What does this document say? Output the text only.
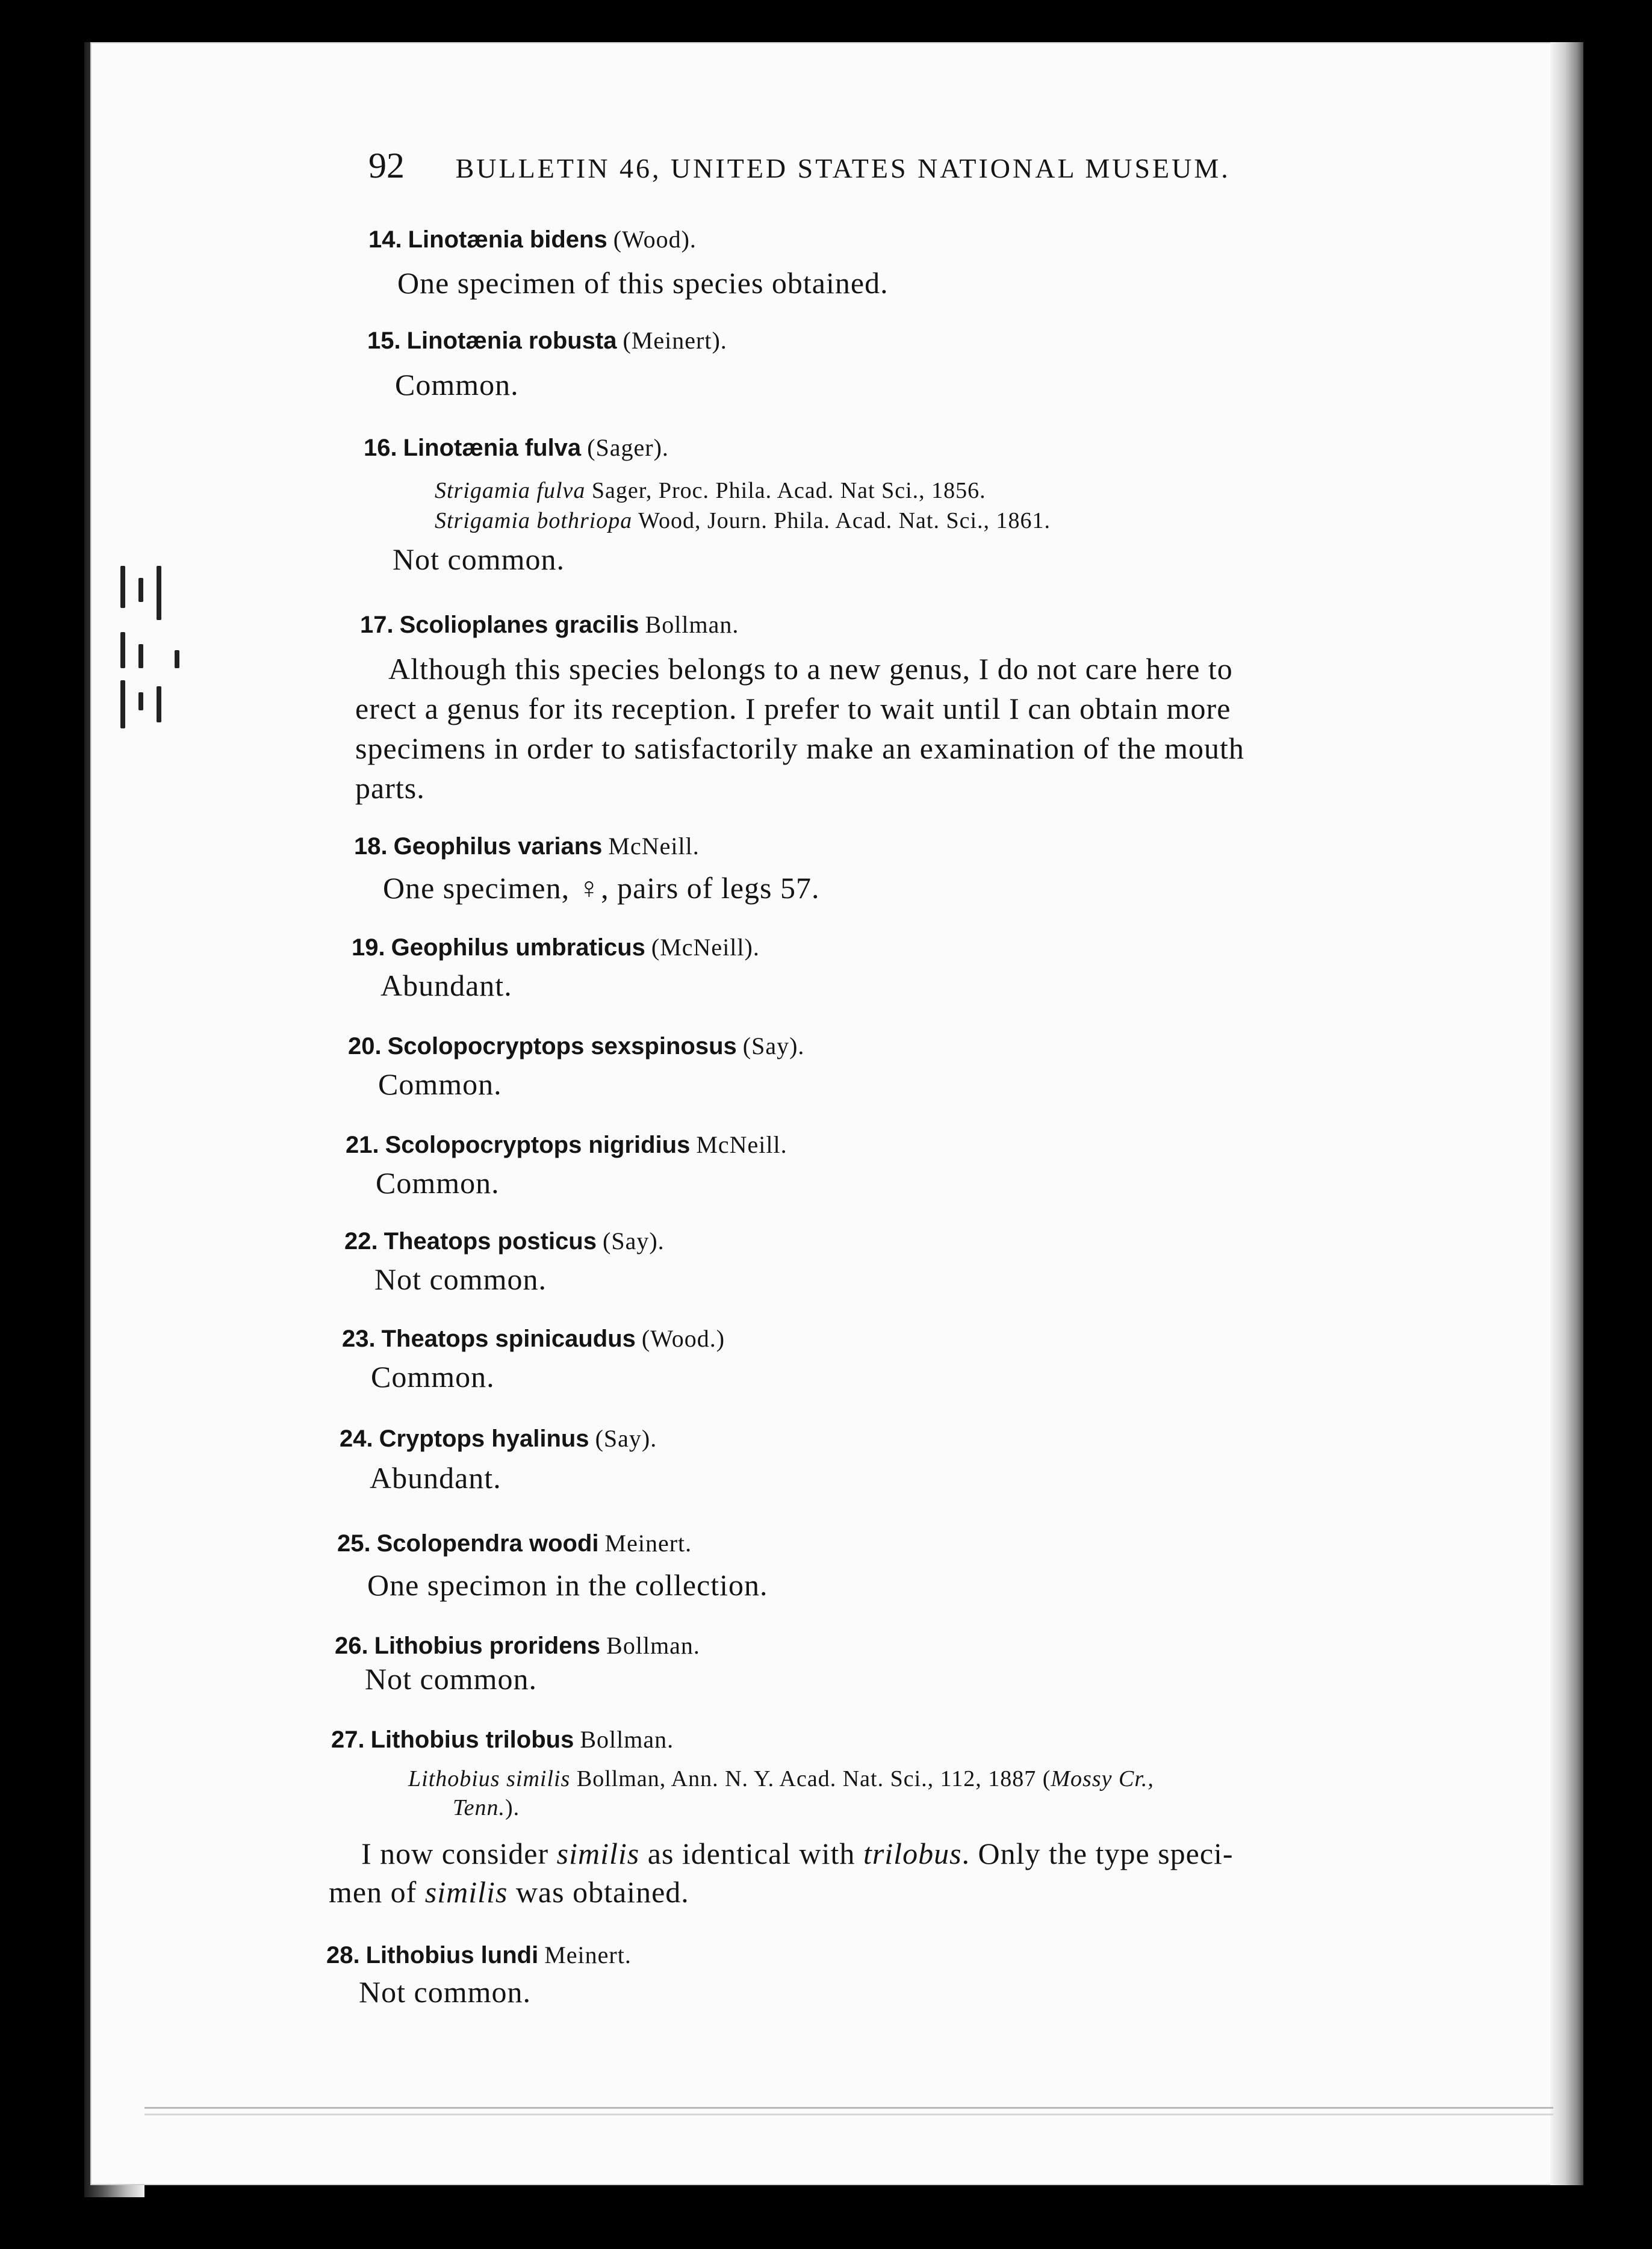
92 BULLETIN 46, UNITED STATES NATIONAL MUSEUM.
14. Linotænia bidens (Wood).
One specimen of this species obtained.
15. Linotænia robusta (Meinert).
Common.
16. Linotænia fulva (Sager).
Strigamia fulva Sager, Proc. Phila. Acad. Nat Sci., 1856.
Strigamia bothriopa Wood, Journ. Phila. Acad. Nat. Sci., 1861.
Not common.
17. Scolioplanes gracilis Bollman.
Although this species belongs to a new genus, I do not care here to
erect a genus for its reception. I prefer to wait until I can obtain more
specimens in order to satisfactorily make an examination of the mouth
parts.
18. Geophilus varians McNeill.
One specimen, ♀, pairs of legs 57.
19. Geophilus umbraticus (McNeill).
Abundant.
20. Scolopocryptops sexspinosus (Say).
Common.
21. Scolopocryptops nigridius McNeill.
Common.
22. Theatops posticus (Say).
Not common.
23. Theatops spinicaudus (Wood.)
Common.
24. Cryptops hyalinus (Say).
Abundant.
25. Scolopendra woodi Meinert.
One specimon in the collection.
26. Lithobius proridens Bollman.
Not common.
27. Lithobius trilobus Bollman.
Lithobius similis Bollman, Ann. N. Y. Acad. Nat. Sci., 112, 1887 (Mossy Cr.,
Tenn.).
I now consider similis as identical with trilobus. Only the type speci-
men of similis was obtained.
28. Lithobius lundi Meinert.
Not common.
